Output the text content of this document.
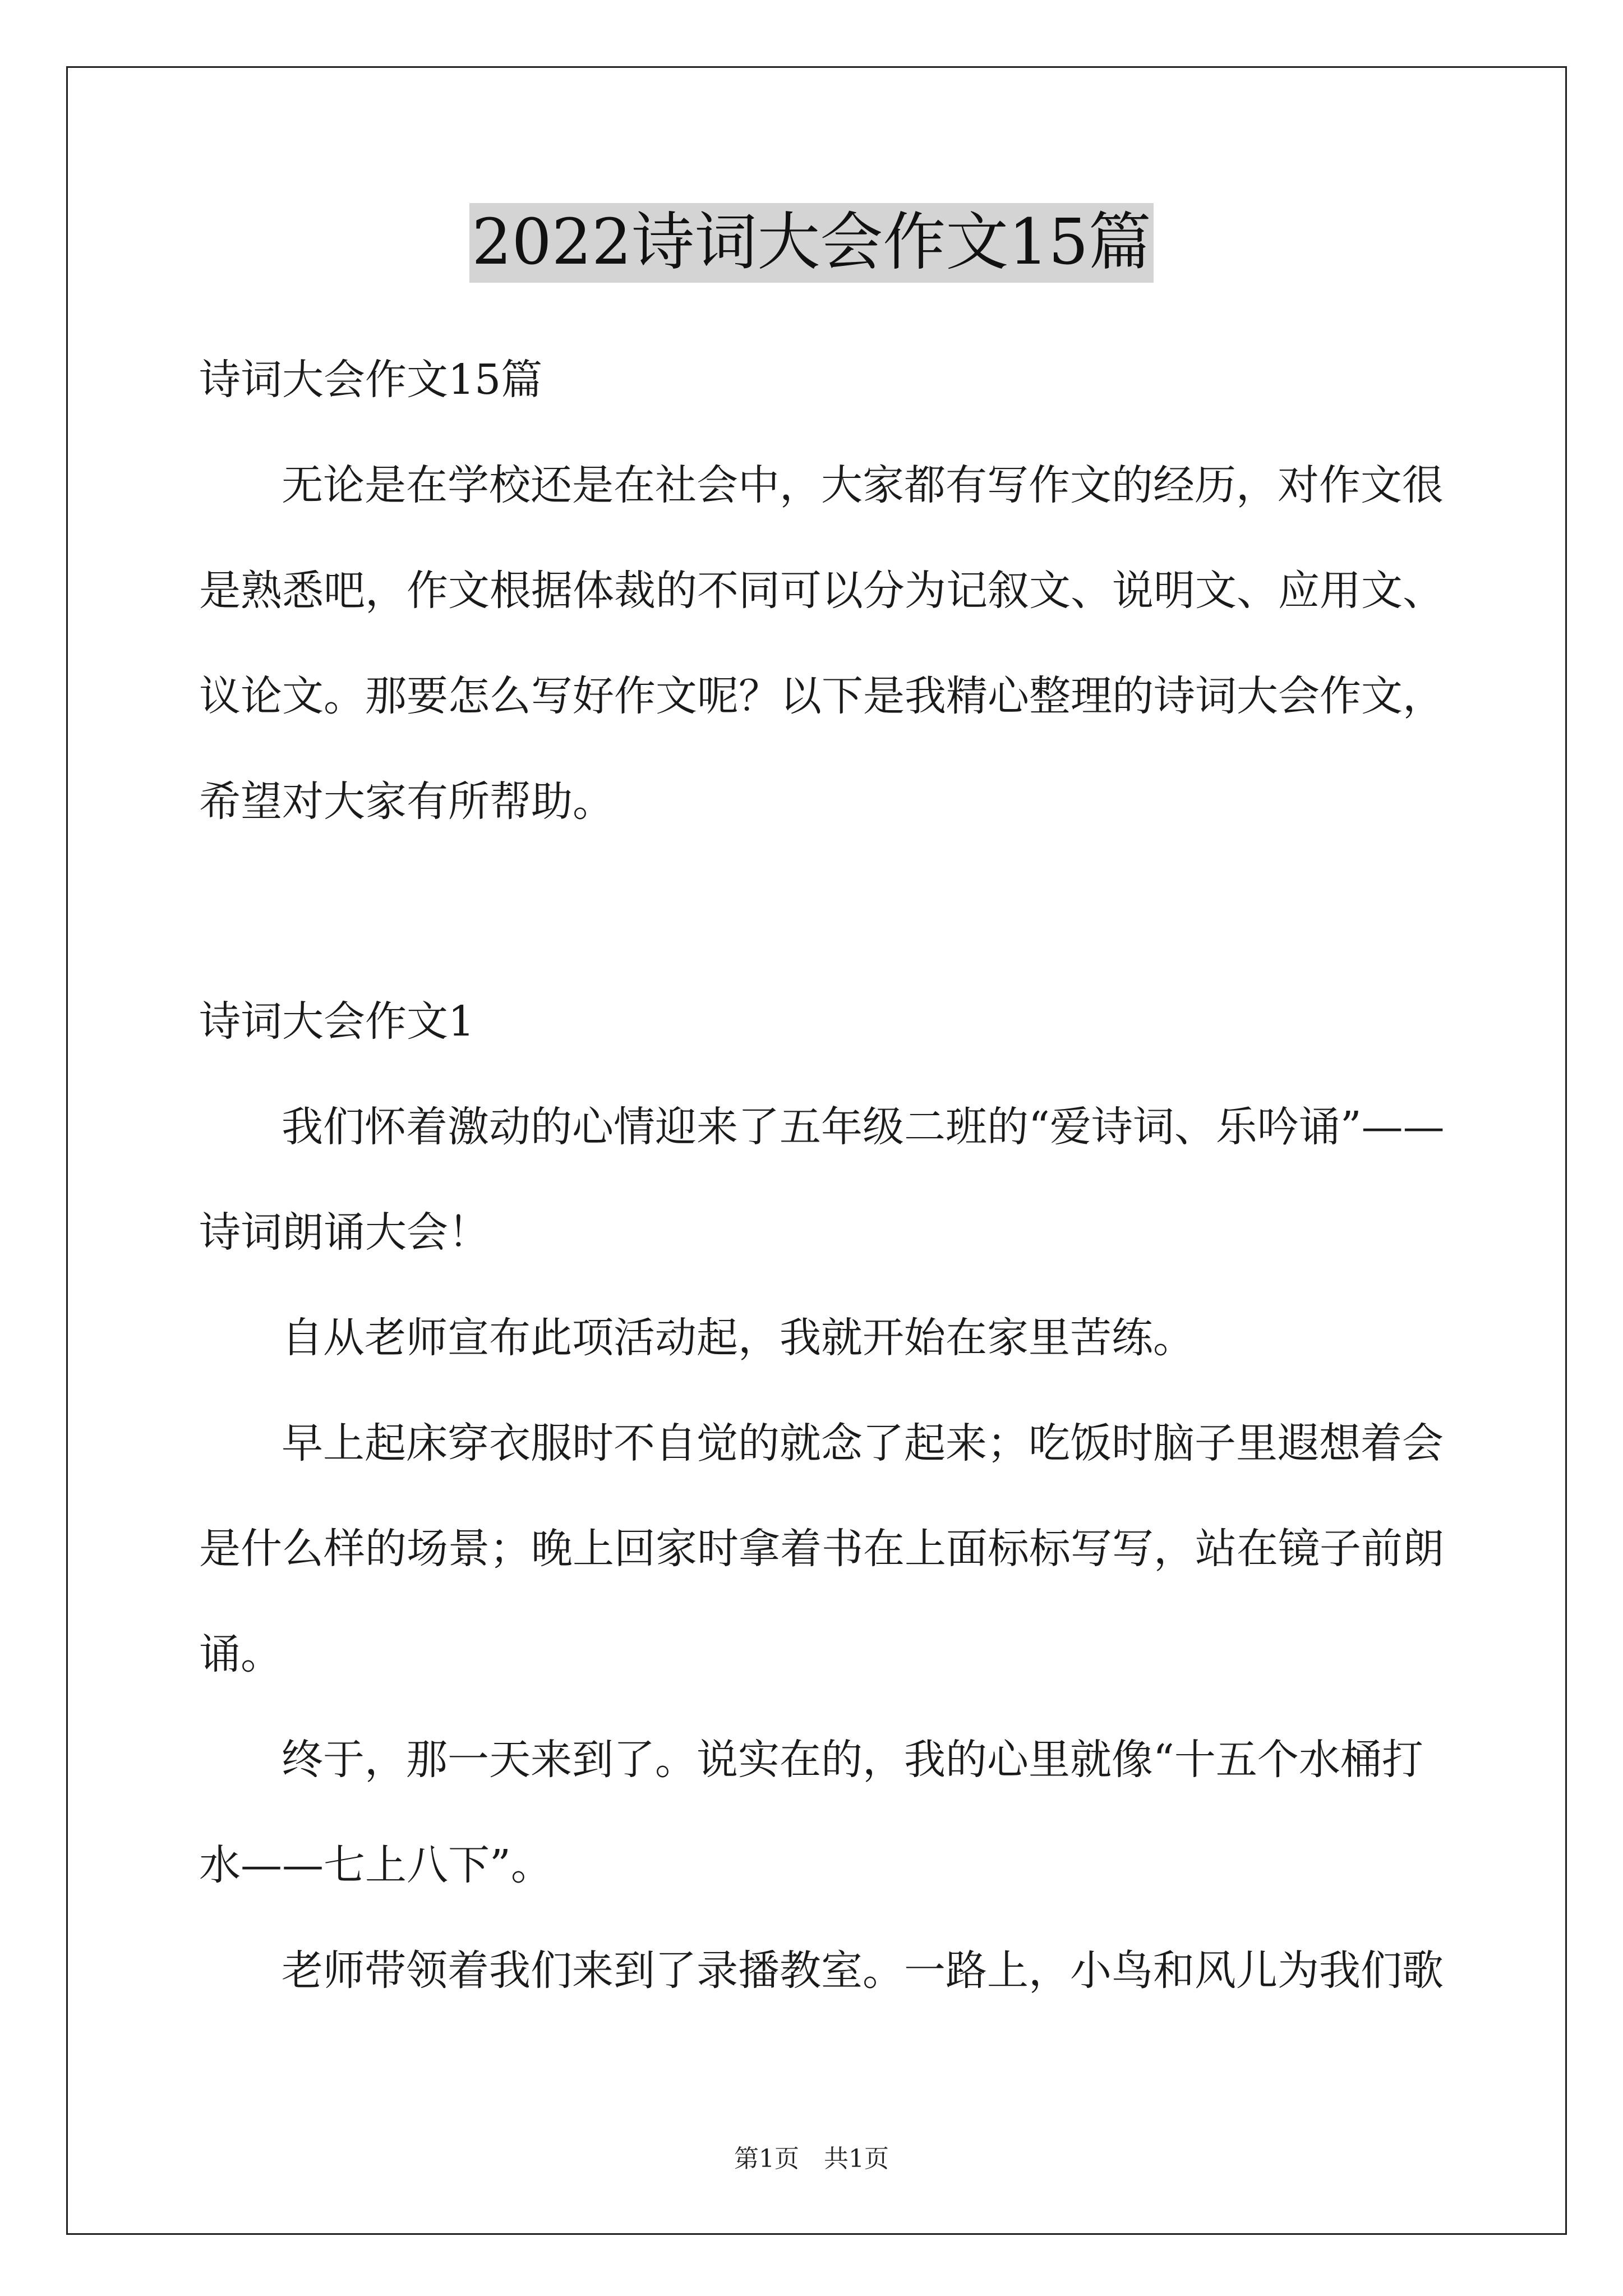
2022诗词大会作文15篇
诗词大会作文15篇
无论是在学校还是在社会中，大家都有写作文的经历，对作文很
是熟悉吧，作文根据体裁的不同可以分为记叙文、说明文、应用文、
议论文。那要怎么写好作文呢？以下是我精心整理的诗词大会作文，
希望对大家有所帮助。
诗词大会作文1
我们怀着激动的心情迎来了五年级二班的“爱诗词、乐吟诵”——
诗词朗诵大会！
自从老师宣布此项活动起，我就开始在家里苦练。
早上起床穿衣服时不自觉的就念了起来；吃饭时脑子里遐想着会
是什么样的场景；晚上回家时拿着书在上面标标写写，站在镜子前朗
诵。
终于，那一天来到了。说实在的，我的心里就像“十五个水桶打
水——七上八下”。
老师带领着我们来到了录播教室。一路上，小鸟和风儿为我们歌
第1页　共1页
